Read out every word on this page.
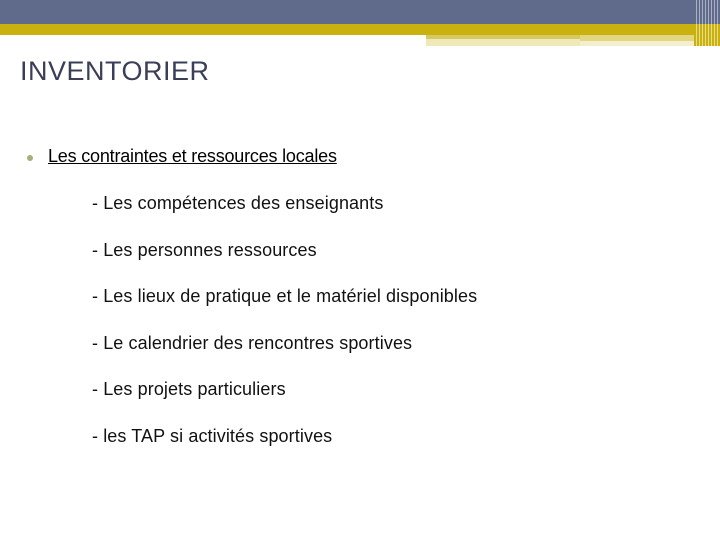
INVENTORIER
Les contraintes et ressources locales
- Les compétences des enseignants
- Les personnes ressources
- Les lieux de pratique et le matériel disponibles
- Le calendrier des rencontres sportives
- Les projets particuliers
- les TAP si activités sportives
